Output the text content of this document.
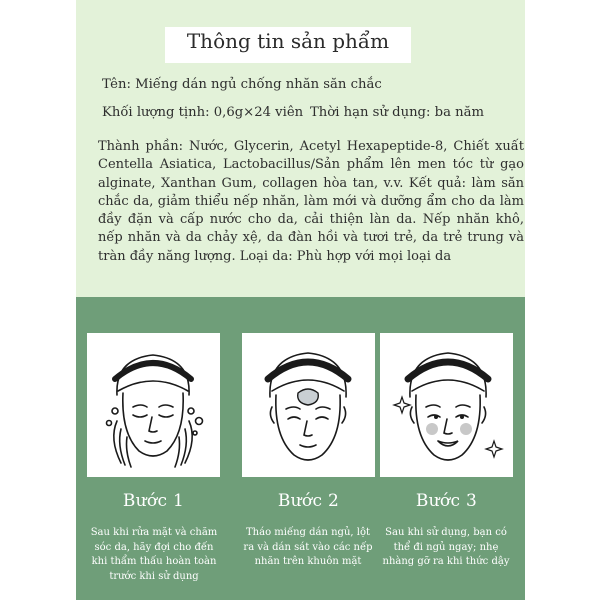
Thông tin sản phẩm
Tên: Miếng dán ngủ chống nhăn săn chắc
Khối lượng tịnh: 0,6g×24 viên Thời hạn sử dụng: ba năm
Thành phần: Nước, Glycerin, Acetyl Hexapeptide-8, Chiết xuất Centella Asiatica, Lactobacillus/Sản phẩm lên men tóc từ gạo alginate, Xanthan Gum, collagen hòa tan, v.v. Kết quả: làm săn chắc da, giảm thiểu nếp nhăn, làm mới và dưỡng ẩm cho da làm đầy đặn và cấp nước cho da, cải thiện làn da. Nếp nhăn khô, nếp nhăn và da chảy xệ, da đàn hồi và tươi trẻ, da trẻ trung và tràn đầy năng lượng. Loại da: Phù hợp với mọi loại da
Bước 1	Bước 2	Bước 3
Sau khi rửa mặt và chăm sóc da, hãy đợi cho đến khi thẩm thấu hoàn toàn trước khi sử dụng
Tháo miếng dán ngủ, lột ra và dán sát vào các nếp nhăn trên khuôn mặt
Sau khi sử dụng, bạn có thể đi ngủ ngay; nhẹ nhàng gỡ ra khi thức dậy
